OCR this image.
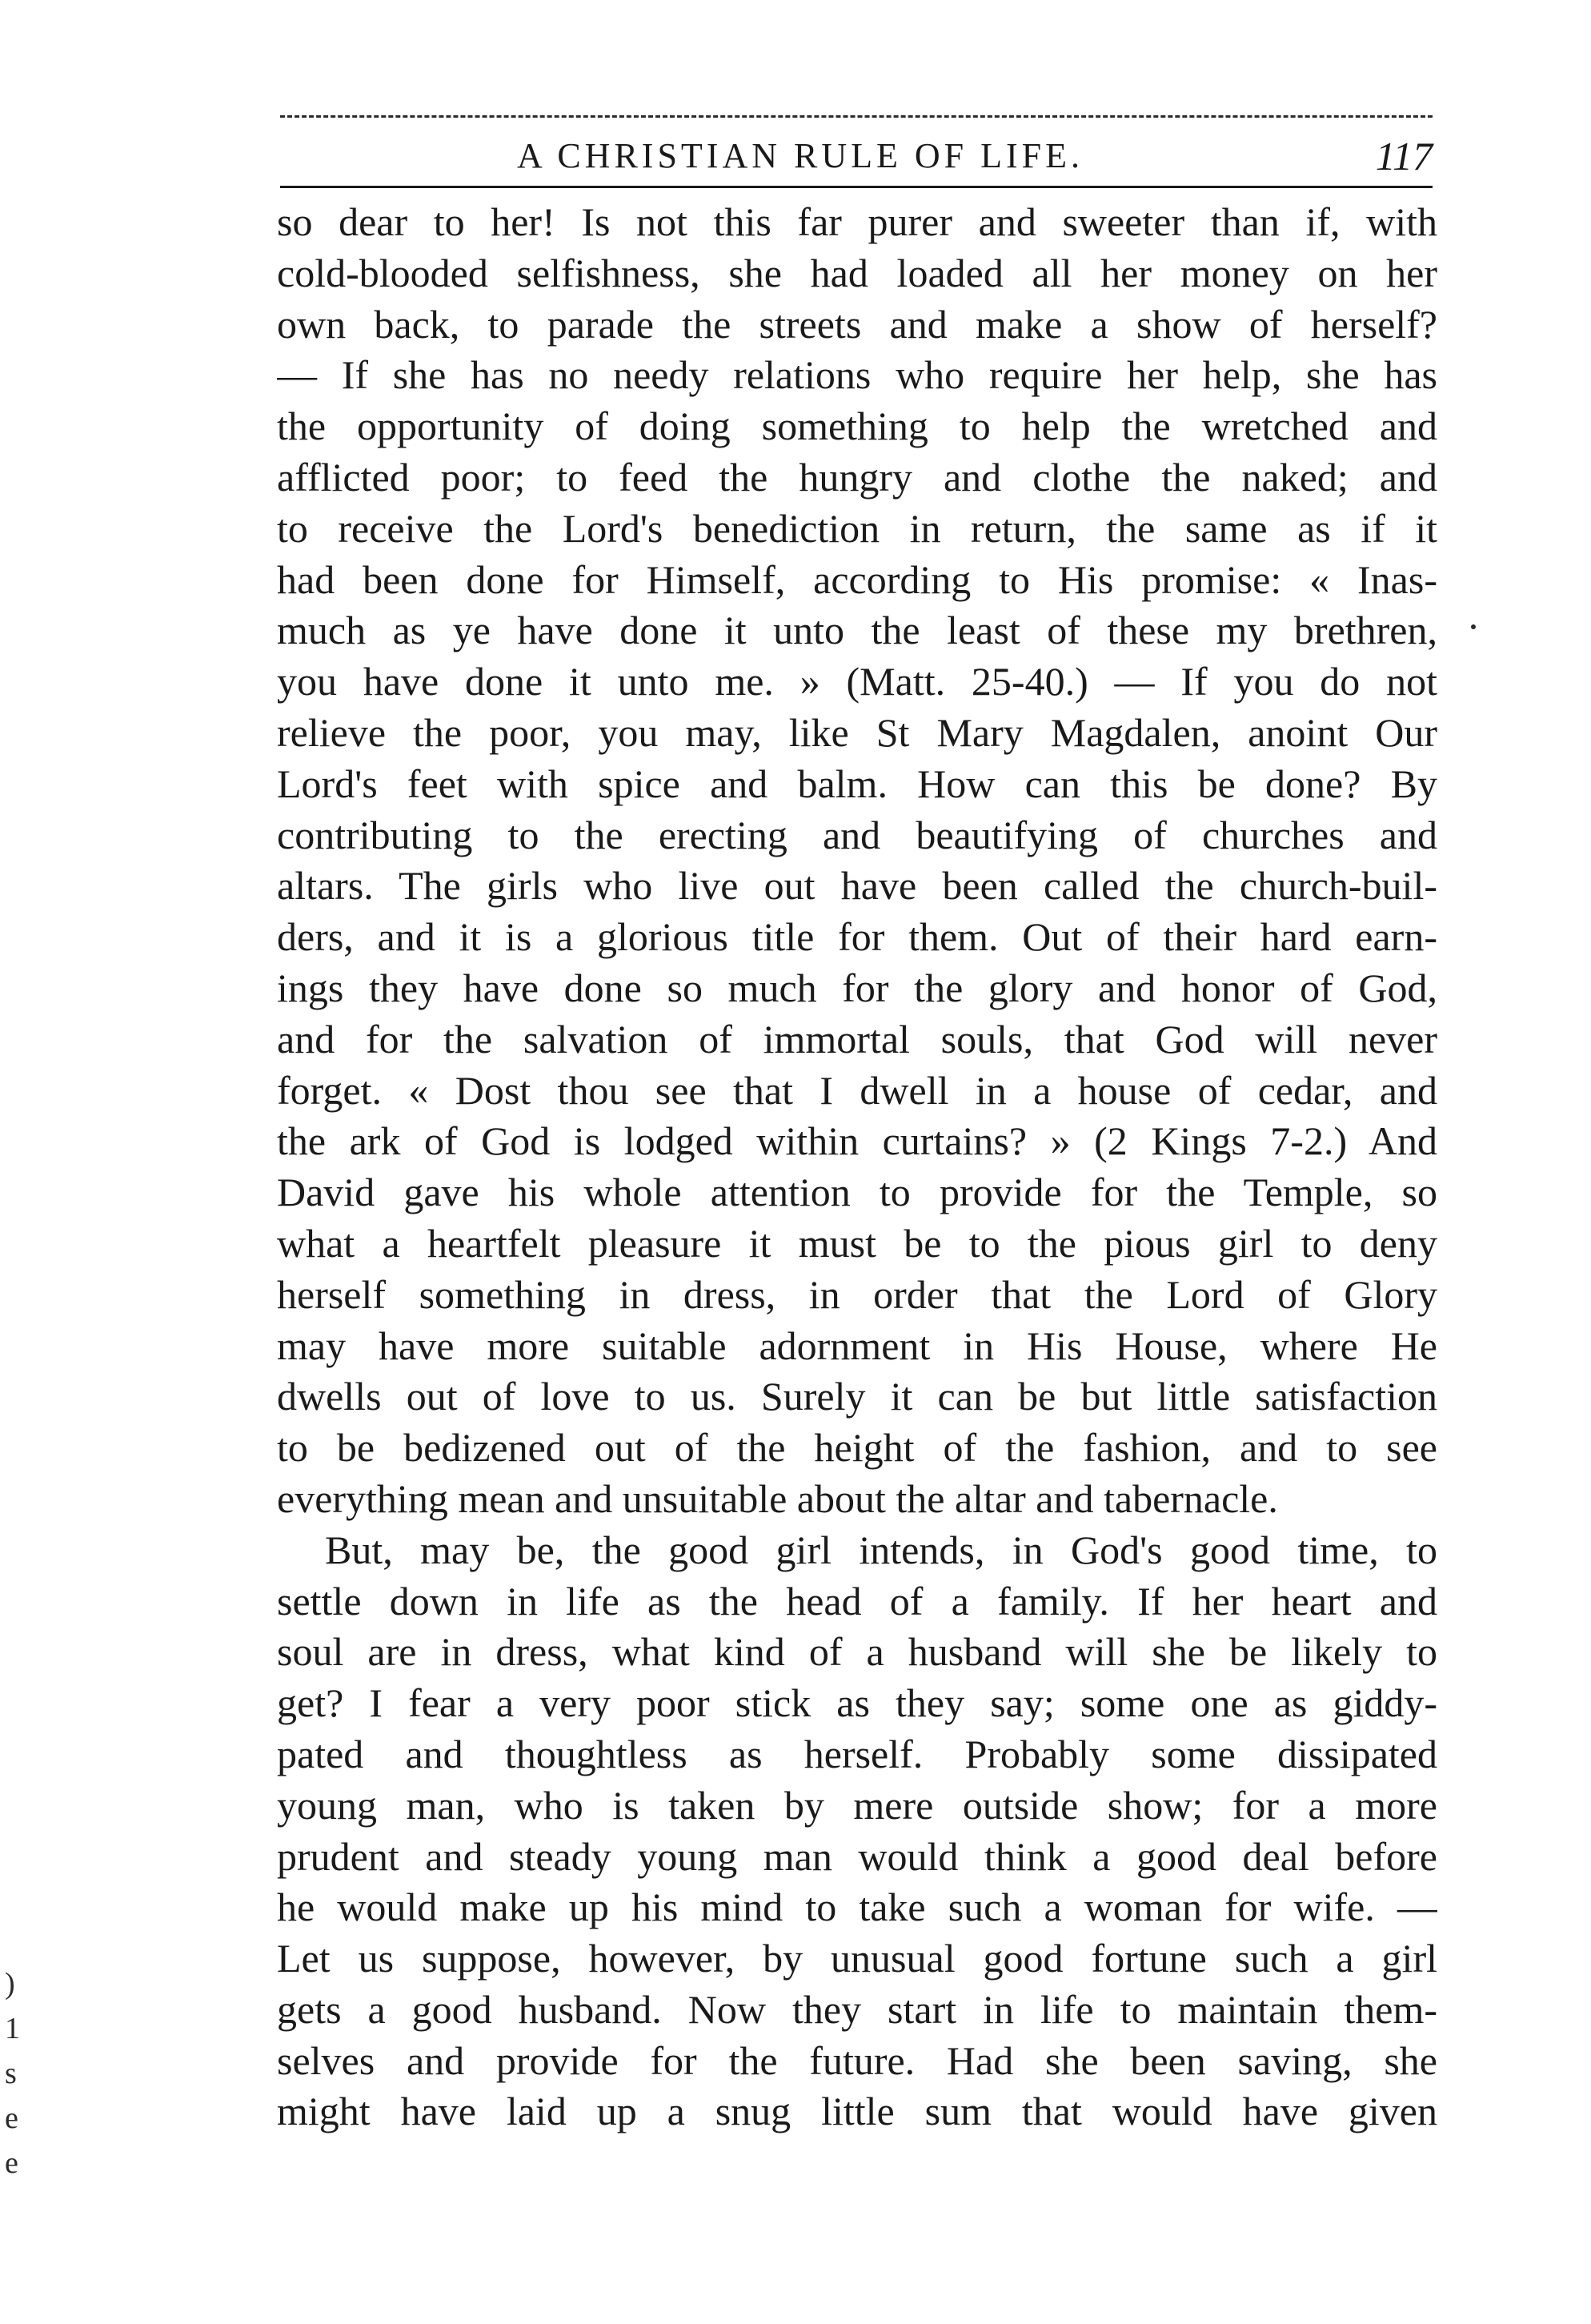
A CHRISTIAN RULE OF LIFE.	117
so dear to her! Is not this far purer and sweeter than if, with
cold-blooded selfishness, she had loaded all her money on her
own back, to parade the streets and make a show of herself?
— If she has no needy relations who require her help, she has
the opportunity of doing something to help the wretched and
afflicted poor; to feed the hungry and clothe the naked; and
to receive the Lord's benediction in return, the same as if it
had been done for Himself, according to His promise: « Inas-
much as ye have done it unto the least of these my brethren,
you have done it unto me. » (Matt. 25-40.) — If you do not
relieve the poor, you may, like St Mary Magdalen, anoint Our
Lord's feet with spice and balm. How can this be done? By
contributing to the erecting and beautifying of churches and
altars. The girls who live out have been called the church-buil-
ders, and it is a glorious title for them. Out of their hard earn-
ings they have done so much for the glory and honor of God,
and for the salvation of immortal souls, that God will never
forget. « Dost thou see that I dwell in a house of cedar, and
the ark of God is lodged within curtains? » (2 Kings 7-2.) And
David gave his whole attention to provide for the Temple, so
what a heartfelt pleasure it must be to the pious girl to deny
herself something in dress, in order that the Lord of Glory
may have more suitable adornment in His House, where He
dwells out of love to us. Surely it can be but little satisfaction
to be bedizened out of the height of the fashion, and to see
everything mean and unsuitable about the altar and tabernacle.
But, may be, the good girl intends, in God's good time, to
settle down in life as the head of a family. If her heart and
soul are in dress, what kind of a husband will she be likely to
get? I fear a very poor stick as they say; some one as giddy-
pated and thoughtless as herself. Probably some dissipated
young man, who is taken by mere outside show; for a more
prudent and steady young man would think a good deal before
he would make up his mind to take such a woman for wife. —
Let us suppose, however, by unusual good fortune such a girl
gets a good husband. Now they start in life to maintain them-
selves and provide for the future. Had she been saving, she
might have laid up a snug little sum that would have given
)
1
s
e
e
